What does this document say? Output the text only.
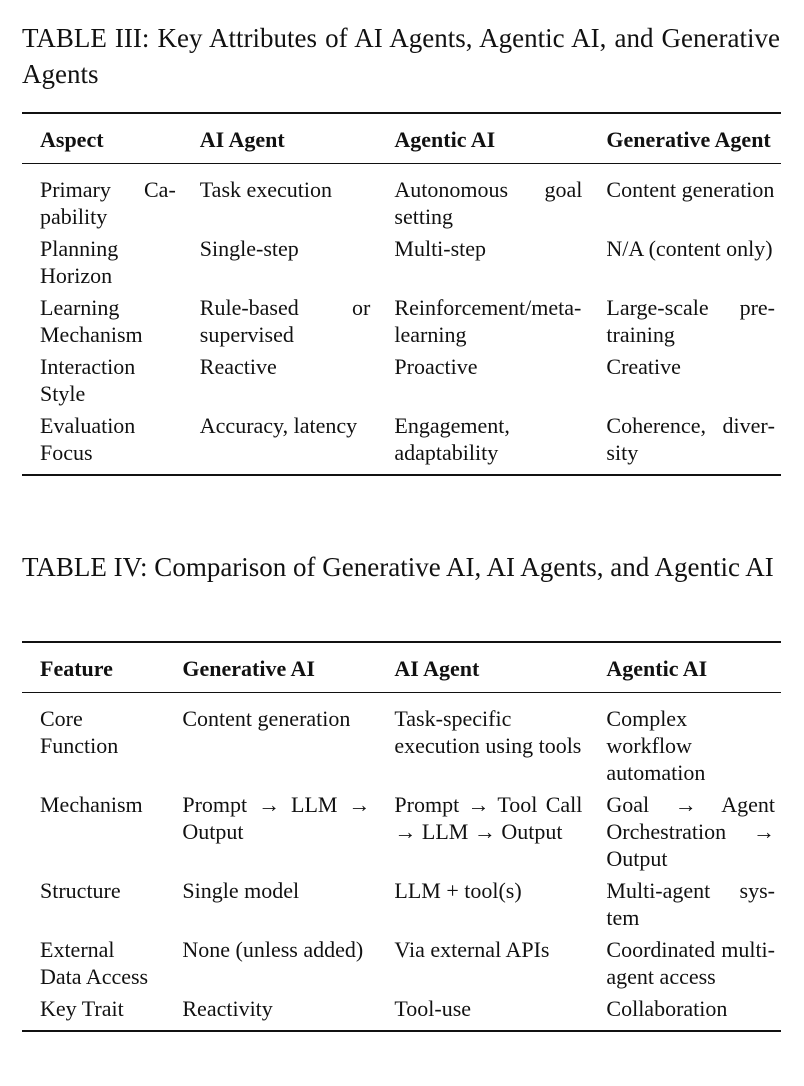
TABLE III: Key Attributes of AI Agents, Agentic AI, and Generative Agents

Aspect	AI Agent	Agentic AI	Generative Agent
Primary Capability	Task execution	Autonomous goal setting	Content generation
Planning Horizon	Single-step	Multi-step	N/A (content only)
Learning Mechanism	Rule-based or supervised	Reinforcement/meta-learning	Large-scale pretraining
Interaction Style	Reactive	Proactive	Creative
Evaluation Focus	Accuracy, latency	Engagement, adaptability	Coherence, diversity

TABLE IV: Comparison of Generative AI, AI Agents, and Agentic AI

Feature	Generative AI	AI Agent	Agentic AI
Core Function	Content generation	Task-specific execution using tools	Complex workflow automation
Mechanism	Prompt → LLM → Output	Prompt → Tool Call → LLM → Output	Goal → Agent Orchestration → Output
Structure	Single model	LLM + tool(s)	Multi-agent system
External Data Access	None (unless added)	Via external APIs	Coordinated multi-agent access
Key Trait	Reactivity	Tool-use	Collaboration
